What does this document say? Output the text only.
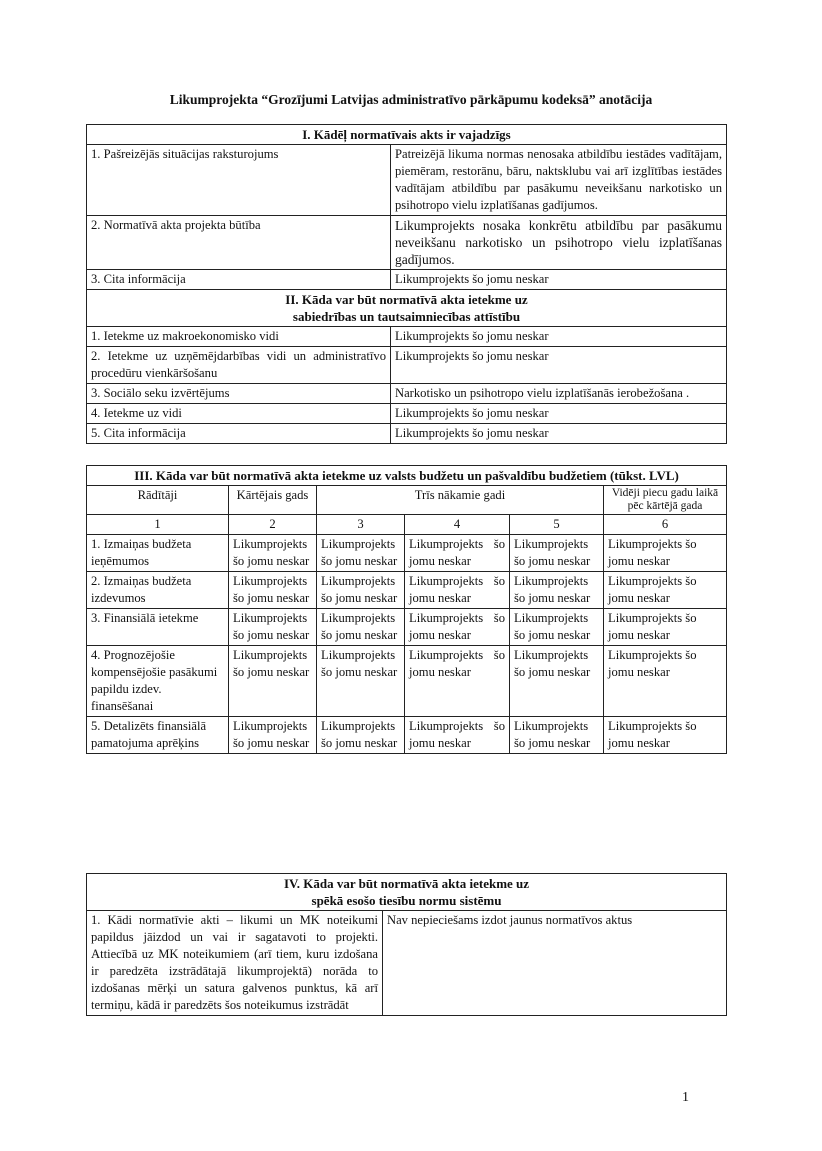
Likumprojekta “Grozījumi Latvijas administratīvo pārkāpumu kodeksā” anotācija
I. Kādēļ normatīvais akts ir vajadzīgs	
1. Pašreizējās situācijas raksturojums	Patreizējā likuma normas nenosaka atbildību iestādes vadītājam, piemēram, restorānu, bāru, naktsklubu vai arī izglītības iestādes vadītājam atbildību par pasākumu neveikšanu narkotisko un psihotropo vielu izplatīšanas gadījumos.
2. Normatīvā akta projekta būtība	Likumprojekts nosaka konkrētu atbildību par pasākumu neveikšanu narkotisko un psihotropo vielu izplatīšanas gadījumos.
3. Cita informācija	Likumprojekts šo jomu neskar

II. Kāda var būt normatīvā akta ietekme uz
sabiedrības un tautsaimniecības attīstību	

1. Ietekme uz makroekonomisko vidi	Likumprojekts šo jomu neskar
2. Ietekme uz uzņēmējdarbības vidi un administratīvo procedūru vienkāršošanu	Likumprojekts šo jomu neskar
3. Sociālo seku izvērtējums	Narkotisko un psihotropo vielu izplatīšanās ierobežošana .
4. Ietekme uz vidi	Likumprojekts šo jomu neskar
5. Cita informācija	Likumprojekts šo jomu neskar
III. Kāda var būt normatīvā akta ietekme uz valsts budžetu un pašvaldību budžetiem (tūkst. LVL)					
Rādītāji	Kārtējais gads	Trīs nākamie gadi			Vidēji piecu gadu laikā pēc kārtējā gada
1	2	3	4	5	6
1. Izmaiņas budžeta ieņēmumos	Likumprojekts šo jomu neskar	Likumprojekts šo jomu neskar	Likumprojekts šo jomu neskar	Likumprojekts šo jomu neskar	Likumprojekts šo jomu neskar
2. Izmaiņas budžeta izdevumos	Likumprojekts šo jomu neskar	Likumprojekts šo jomu neskar	Likumprojekts šo jomu neskar	Likumprojekts šo jomu neskar	Likumprojekts šo jomu neskar
3. Finansiālā ietekme	Likumprojekts šo jomu neskar	Likumprojekts šo jomu neskar	Likumprojekts šo jomu neskar	Likumprojekts šo jomu neskar	Likumprojekts šo jomu neskar
4. Prognozējošie kompensējošie pasākumi papildu izdev. finansēšanai	Likumprojekts šo jomu neskar	Likumprojekts šo jomu neskar	Likumprojekts šo jomu neskar	Likumprojekts šo jomu neskar	Likumprojekts šo jomu neskar
5. Detalizēts finansiālā pamatojuma aprēķins	Likumprojekts šo jomu neskar	Likumprojekts šo jomu neskar	Likumprojekts šo jomu neskar	Likumprojekts šo jomu neskar	Likumprojekts šo jomu neskar
IV. Kāda var būt normatīvā akta ietekme uz
spēkā esošo tiesību normu sistēmu

1. Kādi normatīvie akti – likumi un MK noteikumi papildus jāizdod un vai ir sagatavoti to projekti. Attiecībā uz MK noteikumiem (arī tiem, kuru izdošana ir paredzēta izstrādātajā likumprojektā) norāda to izdošanas mērķi un satura galvenos punktus, kā arī termiņu, kādā ir paredzēts šos noteikumus izstrādāt	Nav nepieciešams izdot jaunus normatīvos aktus
1
